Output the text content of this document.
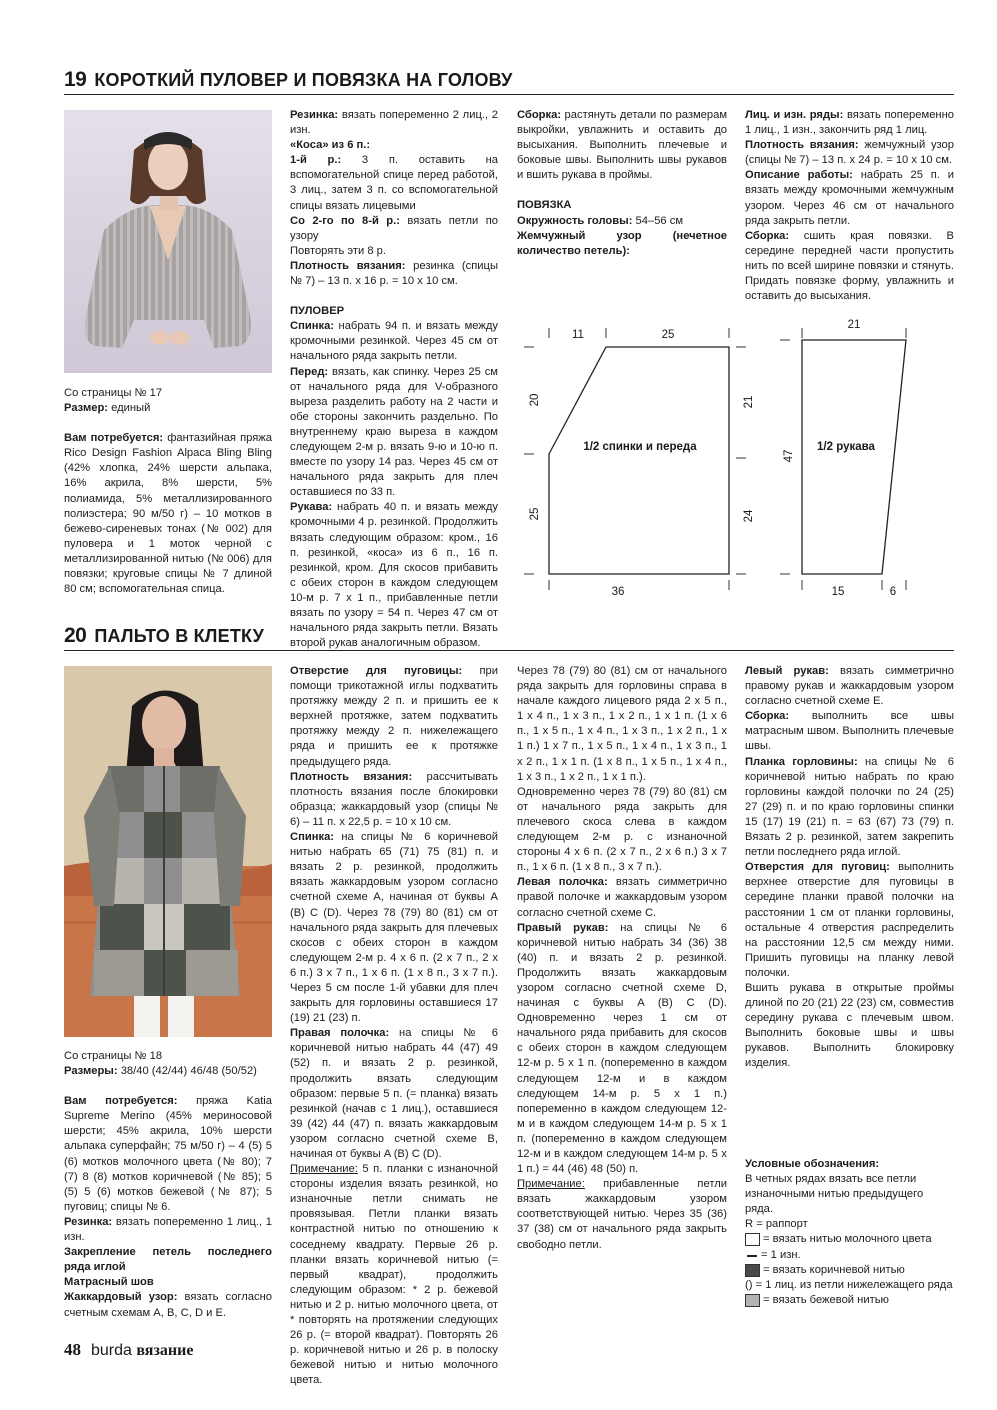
19 КОРОТКИЙ ПУЛОВЕР И ПОВЯЗКА НА ГОЛОВУ

Со страницы № 17

Размер: единый

Вам потребуется: фантазийная пряжа Rico Design Fashion Alpaca Bling Bling (42% хлопка, 24% шерсти альпака, 16% акрила, 8% шерсти, 5% полиамида, 5% металлизированного полиэстера; 90 м/50 г) – 10 мотков в бежево-сиреневых тонах (№ 002) для пуловера и 1 моток черной с металлизированной нитью (№ 006) для повязки; круговые спицы № 7 длиной 80 см; вспомогательная спица.

Резинка: вязать попеременно 2 лиц., 2 изн.

«Коса» из 6 п.:

1-й р.: 3 п. оставить на вспомогательной спице перед работой, 3 лиц., затем 3 п. со вспомогательной спицы вязать лицевыми

Со 2-го по 8-й р.: вязать петли по узору

Повторять эти 8 р.

Плотность вязания: резинка (спицы № 7) – 13 п. х 16 р. = 10 х 10 см.

ПУЛОВЕР

Спинка: набрать 94 п. и вязать между кромочными резинкой. Через 45 см от начального ряда закрыть петли.

Перед: вязать, как спинку. Через 25 см от начального ряда для V-образного выреза разделить работу на 2 части и обе стороны закончить раздельно. По внутреннему краю выреза в каждом следующем 2-м р. вязать 9-ю и 10-ю п. вместе по узору 14 раз. Через 45 см от начального ряда закрыть для плеч оставшиеся по 33 п.

Рукава: набрать 40 п. и вязать между кромочными 4 р. резинкой. Продолжить вязать следующим образом: кром., 16 п. резинкой, «коса» из 6 п., 16 п. резинкой, кром. Для скосов прибавить с обеих сторон в каждом следующем 10-м р. 7 х 1 п., прибавленные петли вязать по узору = 54 п. Через 47 см от начального ряда закрыть петли. Вязать второй рукав аналогичным образом.

Сборка: растянуть детали по размерам выкройки, увлажнить и оставить до высыхания. Выполнить плечевые и боковые швы. Выполнить швы рукавов и вшить рукава в проймы.

ПОВЯЗКА

Окружность головы: 54–56 см

Жемчужный узор (нечетное количество петель):

Лиц. и изн. ряды: вязать попеременно 1 лиц., 1 изн., закончить ряд 1 лиц.

Плотность вязания: жемчужный узор (спицы № 7) – 13 п. х 24 р. = 10 х 10 см.

Описание работы: набрать 25 п. и вязать между кромочными жемчужным узором. Через 46 см от начального ряда закрыть петли.

Сборка: сшить края повязки. В середине передней части пропустить нить по всей ширине повязки и стянуть. Придать повязке форму, увлажнить и оставить до высыхания.

11	25
20
25
21
24
36
1/2 спинки и переда
21
47
15	6
1/2 рукава
20 ПАЛЬТО В КЛЕТКУ

Со страницы № 18

Размеры: 38/40 (42/44) 46/48 (50/52)

Вам потребуется: пряжа Katia Supreme Merino (45% мериносовой шерсти; 45% акрила, 10% шерсти альпака суперфайн; 75 м/50 г) – 4 (5) 5 (6) мотков молочного цвета (№ 80); 7 (7) 8 (8) мотков коричневой (№ 85); 5 (5) 5 (6) мотков бежевой (№ 87); 5 пуговиц; спицы № 6.

Резинка: вязать попеременно 1 лиц., 1 изн.

Закрепление петель последнего ряда иглой

Матрасный шов

Жаккардовый узор: вязать согласно счетным схемам A, B, C, D и E.

Отверстие для пуговицы: при помощи трикотажной иглы подхватить протяжку между 2 п. и пришить ее к верхней протяжке, затем подхватить протяжку между 2 п. нижележащего ряда и пришить ее к протяжке предыдущего ряда.

Плотность вязания: рассчитывать плотность вязания после блокировки образца; жаккардовый узор (спицы № 6) – 11 п. х 22,5 р. = 10 х 10 см.

Спинка: на спицы № 6 коричневой нитью набрать 65 (71) 75 (81) п. и вязать 2 р. резинкой, продолжить вязать жаккардовым узором согласно счетной схеме A, начиная от буквы A (B) C (D). Через 78 (79) 80 (81) см от начального ряда закрыть для плечевых скосов с обеих сторон в каждом следующем 2-м р. 4 х 6 п. (2 х 7 п., 2 х 6 п.) 3 х 7 п., 1 х 6 п. (1 х 8 п., 3 х 7 п.). Через 5 см после 1-й убавки для плеч закрыть для горловины оставшиеся 17 (19) 21 (23) п.

Правая полочка: на спицы № 6 коричневой нитью набрать 44 (47) 49 (52) п. и вязать 2 р. резинкой, продолжить вязать следующим образом: первые 5 п. (= планка) вязать резинкой (начав с 1 лиц.), оставшиеся 39 (42) 44 (47) п. вязать жаккардовым узором согласно счетной схеме B, начиная от буквы A (B) C (D).

Примечание: 5 п. планки с изнаночной стороны изделия вязать резинкой, но изнаночные петли снимать не провязывая. Петли планки вязать контрастной нитью по отношению к соседнему квадрату. Первые 26 р. планки вязать коричневой нитью (= первый квадрат), продолжить следующим образом: * 2 р. бежевой нитью и 2 р. нитью молочного цвета, от * повторять на протяжении следующих 26 р. (= второй квадрат). Повторять 26 р. коричневой нитью и 26 р. в полоску бежевой нитью и нитью молочного цвета.

Через 78 (79) 80 (81) см от начального ряда закрыть для горловины справа в начале каждого лицевого ряда 2 х 5 п., 1 х 4 п., 1 х 3 п., 1 х 2 п., 1 х 1 п. (1 х 6 п., 1 х 5 п., 1 х 4 п., 1 х 3 п., 1 х 2 п., 1 х 1 п.) 1 х 7 п., 1 х 5 п., 1 х 4 п., 1 х 3 п., 1 х 2 п., 1 х 1 п. (1 х 8 п., 1 х 5 п., 1 х 4 п., 1 х 3 п., 1 х 2 п., 1 х 1 п.).

Одновременно через 78 (79) 80 (81) см от начального ряда закрыть для плечевого скоса слева в каждом следующем 2-м р. с изнаночной стороны 4 х 6 п. (2 х 7 п., 2 х 6 п.) 3 х 7 п., 1 х 6 п. (1 х 8 п., 3 х 7 п.).

Левая полочка: вязать симметрично правой полочке и жаккардовым узором согласно счетной схеме C.

Правый рукав: на спицы № 6 коричневой нитью набрать 34 (36) 38 (40) п. и вязать 2 р. резинкой. Продолжить вязать жаккардовым узором согласно счетной схеме D, начиная с буквы A (B) C (D). Одновременно через 1 см от начального ряда прибавить для скосов с обеих сторон в каждом следующем 12-м р. 5 х 1 п. (попеременно в каждом следующем 12-м и в каждом следующем 14-м р. 5 х 1 п.) попеременно в каждом следующем 12-м и в каждом следующем 14-м р. 5 х 1 п. (попеременно в каждом следующем 12-м и в каждом следующем 14-м р. 5 х 1 п.) = 44 (46) 48 (50) п.

Примечание: прибавленные петли вязать жаккардовым узором соответствующей нитью. Через 35 (36) 37 (38) см от начального ряда закрыть свободно петли.

Левый рукав: вязать симметрично правому рукав и жаккардовым узором согласно счетной схеме E.

Сборка: выполнить все швы матрасным швом. Выполнить плечевые швы.

Планка горловины: на спицы № 6 коричневой нитью набрать по краю горловины каждой полочки по 24 (25) 27 (29) п. и по краю горловины спинки 15 (17) 19 (21) п. = 63 (67) 73 (79) п. Вязать 2 р. резинкой, затем закрепить петли последнего ряда иглой.

Отверстия для пуговиц: выполнить верхнее отверстие для пуговицы в середине планки правой полочки на расстоянии 1 см от планки горловины, остальные 4 отверстия распределить на расстоянии 12,5 см между ними. Пришить пуговицы на планку левой полочки.

Вшить рукава в открытые проймы длиной по 20 (21) 22 (23) см, совместив середину рукава с плечевым швом. Выполнить боковые швы и швы рукавов. Выполнить блокировку изделия.

Условные обозначения:

В четных рядах вязать все петли изнаночными нитью предыдущего ряда.

R = раппорт

= вязать нитью молочного цвета
= 1 изн.
= вязать коричневой нитью

() = 1 лиц. из петли нижележащего ряда

= вязать бежевой нитью
48 burda вязание
